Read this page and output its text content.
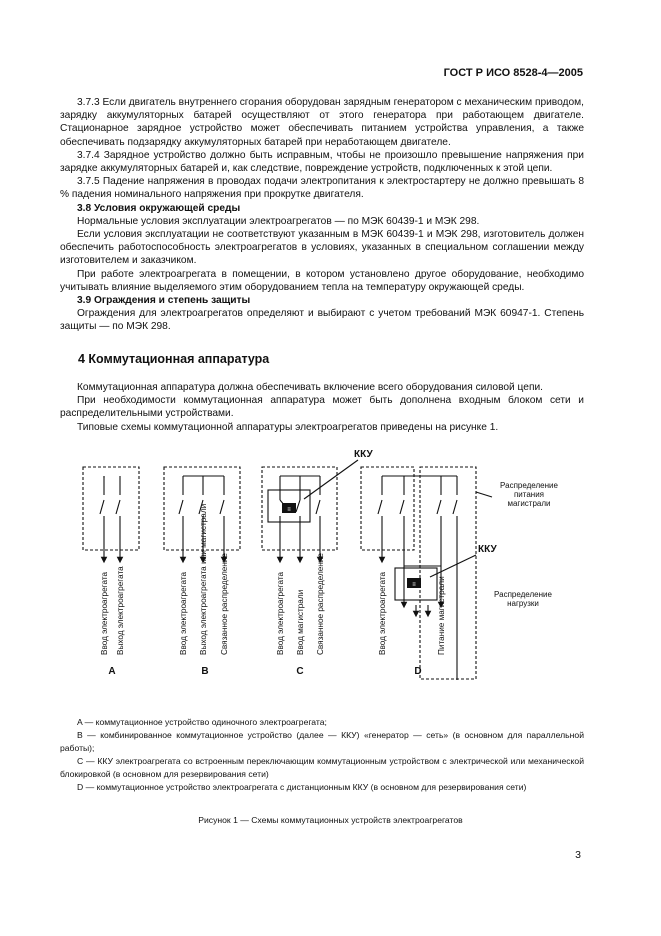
ГОСТ Р ИСО 8528-4—2005

3.7.3 Если двигатель внутреннего сгорания оборудован зарядным генератором с механическим приводом, зарядку аккумуляторных батарей осуществляют от этого генератора при работающем двигателе. Стационарное зарядное устройство может обеспечивать питанием устройства управления, а также обеспечивать подзарядку аккумуляторных батарей при неработающем двигателе.

3.7.4 Зарядное устройство должно быть исправным, чтобы не произошло превышение напряжения при зарядке аккумуляторных батарей и, как следствие, повреждение устройств, подключенных к этой цепи.

3.7.5 Падение напряжения в проводах подачи электропитания к электростартеру не должно превышать 8 % падения номинального напряжения при прокрутке двигателя.

3.8 Условия окружающей среды

Нормальные условия эксплуатации электроагрегатов — по МЭК 60439-1 и МЭК 298.

Если условия эксплуатации не соответствуют указанным в МЭК 60439-1 и МЭК 298, изготовитель должен обеспечить работоспособность электроагрегатов в условиях, указанных в специальном соглашении между изготовителем и заказчиком.

При работе электроагрегата в помещении, в котором установлено другое оборудование, необходимо учитывать влияние выделяемого этим оборудованием тепла на температуру окружающей среды.

3.9 Ограждения и степень защиты

Ограждения для электроагрегатов определяют и выбирают с учетом требований МЭК 60947-1. Степень защиты — по МЭК 298.

4 Коммутационная аппаратура

Коммутационная аппаратура должна обеспечивать включение всего оборудования силовой цепи.

При необходимости коммутационная аппаратура может быть дополнена входным блоком сети и распределительными устройствами.

Типовые схемы коммутационной аппаратуры электроагрегатов приведены на рисунке 1.

≡
≡
ККУ
ККУ
Распределение питания магистрали
Распределение нагрузки
Ввод электроагрегата Выход электроагрегата	Ввод электроагрегата Выход электроагрегата или магистрали Связанное распределение	Ввод электроагрегата Ввод магистрали Связанное распределение	Ввод электроагрегата	Питание магистрали
A	B	C	D

A — коммутационное устройство одиночного электроагрегата;

B — комбинированное коммутационное устройство (далее — ККУ) «генератор — сеть» (в основном для параллельной работы);

C — ККУ электроагрегата со встроенным переключающим коммутационным устройством с электрической или механической блокировкой (в основном для резервирования сети)

D — коммутационное устройство электроагрегата с дистанционным ККУ (в основном для резервирования сети)

Рисунок 1 — Схемы коммутационных устройств электроагрегатов
3
